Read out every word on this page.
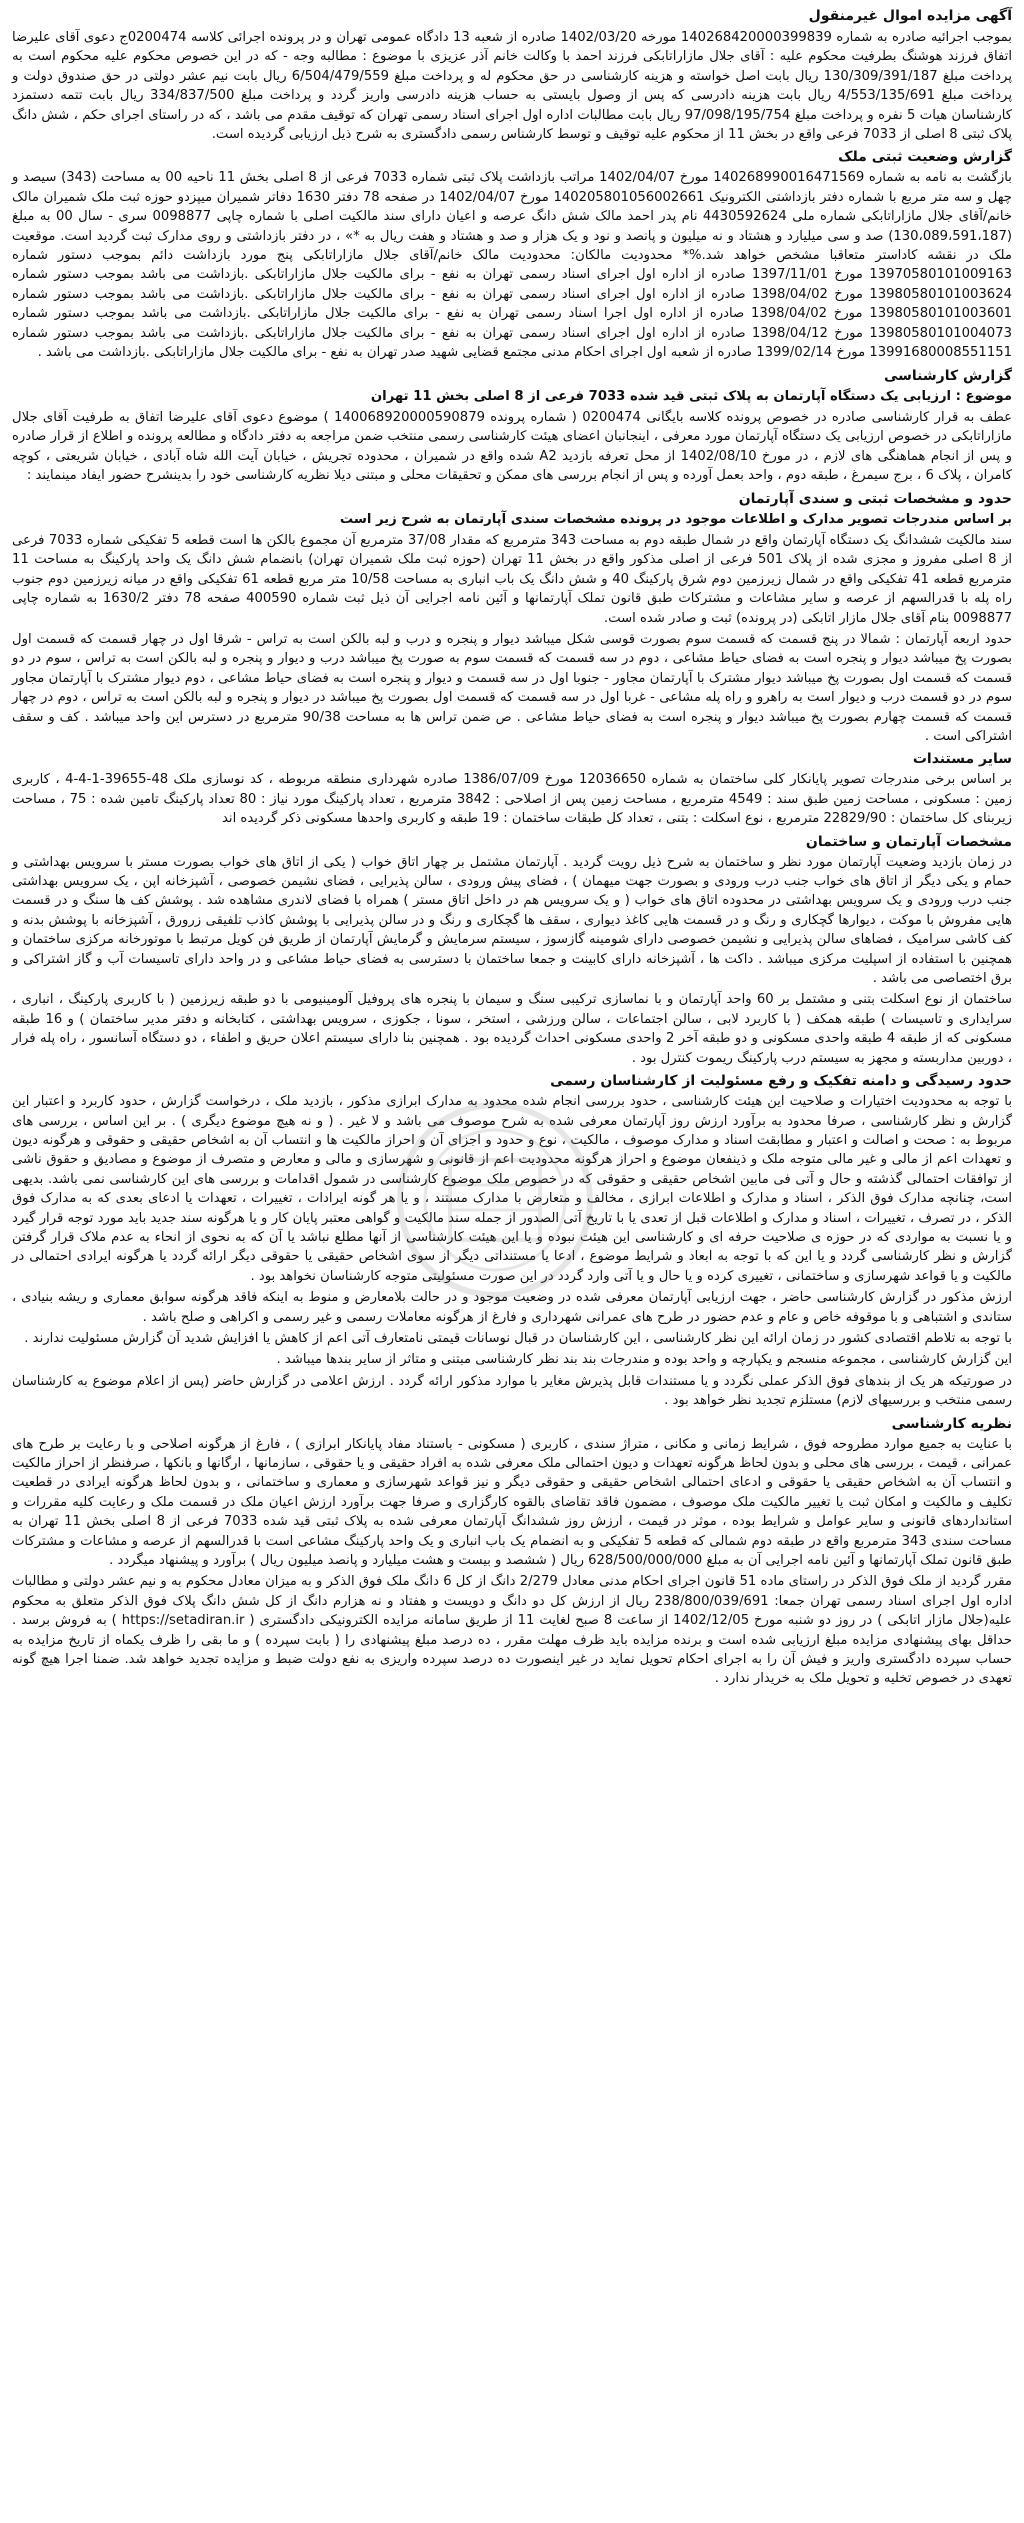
آگهی مزایده اموال غیرمنقول

بموجب اجرائیه صادره به شماره 140268420000399839 مورخه 1402/03/20 صادره از شعبه 13 دادگاه عمومی تهران و در پرونده اجرائی کلاسه 0200474ج دعوی آقای علیرضا اتفاق فرزند هوشنگ بطرفیت محکوم علیه : آقای جلال مازاراتابکی فرزند احمد با وکالت خانم آذر عزیزی با موضوع : مطالبه وجه - که در این خصوص محکوم علیه محکوم است به پرداخت مبلغ 130/309/391/187 ریال بابت اصل خواسته و هزینه کارشناسی در حق محکوم له و پرداخت مبلغ 6/504/479/559 ریال بابت نیم عشر دولتی در حق صندوق دولت و پرداخت مبلغ 4/553/135/691 ریال بابت هزینه دادرسی که پس از وصول بایستی به حساب هزینه دادرسی واریز گردد و پرداخت مبلغ 334/837/500 ریال بابت تتمه دستمزد کارشناسان هیات 5 نفره و پرداخت مبلغ 97/098/195/754 ریال بابت مطالبات اداره اول اجرای اسناد رسمی تهران که توقیف مقدم می باشد ، که در راستای اجرای حکم ، شش دانگ پلاک ثبتی 8 اصلی از 7033 فرعی واقع در بخش 11 از محکوم علیه توقیف و توسط کارشناس رسمی دادگستری به شرح ذیل ارزیابی گردیده است.

گزارش وضعیت ثبتی ملک

بازگشت به نامه به شماره 140268990016471569 مورخ 1402/04/07 مراتب بازداشت پلاک ثبتی شماره 7033 فرعی از 8 اصلی بخش 11 ناحیه 00 به مساحت (343) سیصد و چهل و سه متر مربع با شماره دفتر بازداشتی الکترونیک 140205801056002661 مورخ 1402/04/07 در صفحه 78 دفتر 1630 دفاتر شمیران میپزدو حوزه ثبت ملک شمیران مالک خانم/آقای جلال مازاراتابکی شماره ملی 4430592624 نام پدر احمد مالک شش دانگ عرصه و اعیان دارای سند مالکیت اصلی با شماره چاپی 0098877 سری - سال 00 به مبلغ (130،089،591،187) صد و سی میلیارد و هشتاد و نه میلیون و پانصد و نود و یک هزار و صد و هشتاد و هفت ریال به *» ، در دفتر بازداشتی و روی مدارک ثبت گردید است. موقعیت ملک در نقشه کاداستر متعاقبا مشخص خواهد شد.%* محدودیت مالکان: محدودیت مالک خانم/آقای جلال مازاراتابکی پنج مورد بازداشت دائم بموجب دستور شماره 13970580101009163 مورخ 1397/11/01 صادره از اداره اول اجرای اسناد رسمی تهران به نفع - برای مالکیت جلال مازاراتابکی .بازداشت می باشد بموجب دستور شماره 13980580101003624 مورخ 1398/04/02 صادره از اداره اول اجرای اسناد رسمی تهران به نفع - برای مالکیت جلال مازاراتابکی .بازداشت می باشد بموجب دستور شماره 13980580101003601 مورخ 1398/04/02 صادره از اداره اول اجرا اسناد رسمی تهران به نفع - برای مالکیت جلال مازاراتابکی .بازداشت می باشد بموجب دستور شماره 13980580101004073 مورخ 1398/04/12 صادره از اداره اول اجرای اسناد رسمی تهران به نفع - برای مالکیت جلال مازاراتابکی .بازداشت می باشد بموجب دستور شماره 13991680008551151 مورخ 1399/02/14 صادره از شعبه اول اجرای احکام مدنی مجتمع قضایی شهید صدر تهران به نفع - برای مالکیت جلال مازاراتابکی .بازداشت می باشد .

گزارش کارشناسی

موضوع : ارزیابی یک دستگاه آپارتمان به پلاک ثبتی قید شده 7033 فرعی از 8 اصلی بخش 11 تهران

عطف به قرار کارشناسی صادره در خصوص پرونده کلاسه بایگانی 0200474 ( شماره پرونده 140068920000590879 ) موضوع دعوی آقای علیرضا اتفاق به طرفیت آقای جلال مازاراتابکی در خصوص ارزیابی یک دستگاه آپارتمان مورد معرفی ، اینجانبان اعضای هیئت کارشناسی رسمی منتخب ضمن مراجعه به دفتر دادگاه و مطالعه پرونده و اطلاع از قرار صادره و پس از انجام هماهنگی های لازم ، در مورخ 1402/08/10 از محل تعرفه بازدید A2 شده واقع در شمیران ، محدوده تجریش ، خیابان آیت الله شاه آبادی ، خیابان شریعتی ، کوچه کامران ، پلاک 6 ، برج سیمرغ ، طبقه دوم ، واحد بعمل آورده و پس از انجام بررسی های ممکن و تحقیقات محلی و مبتنی دیلا نظریه کارشناسی خود را بدینشرح حضور ایفاد مینمایند :

حدود و مشخصات ثبتی و سندی آپارتمان

بر اساس مندرجات تصویر مدارک و اطلاعات موجود در پرونده مشخصات سندی آپارتمان به شرح زیر است

سند مالکیت ششدانگ یک دستگاه آپارتمان واقع در شمال طبقه دوم به مساحت 343 مترمربع که مقدار 37/08 مترمربع آن مجموع بالکن ها است قطعه 5 تفکیکی شماره 7033 فرعی از 8 اصلی مفروز و مجزی شده از پلاک 501 فرعی از اصلی مذکور واقع در بخش 11 تهران (حوزه ثبت ملک شمیران تهران) بانضمام شش دانگ یک واحد پارکینگ به مساحت 11 مترمربع قطعه 41 تفکیکی واقع در شمال زیرزمین دوم شرق پارکینگ 40 و شش دانگ یک باب انباری به مساحت 10/58 متر مربع قطعه 61 تفکیکی واقع در میانه زیرزمین دوم جنوب راه پله با قدرالسهم از عرصه و سایر مشاعات و مشترکات طبق قانون تملک آپارتمانها و آئین نامه اجرایی آن ذیل ثبت شماره 400590 صفحه 78 دفتر 1630/2 به شماره چاپی 0098877 بنام آقای جلال مازار اتابکی (در پرونده) ثبت و صادر شده است.

حدود اربعه آپارتمان : شمالا در پنج قسمت که قسمت سوم بصورت قوسی شکل میباشد دیوار و پنجره و درب و لبه بالکن است به تراس - شرقا اول در چهار قسمت که قسمت اول بصورت پخ میباشد دیوار و پنجره است به فضای حیاط مشاعی ، دوم در سه قسمت که قسمت سوم به صورت پخ میباشد درب و دیوار و پنجره و لبه بالکن است به تراس ، سوم در دو قسمت که قسمت اول بصورت پخ میباشد دیوار مشترک با آپارتمان مجاور - جنوبا اول در سه قسمت و دیوار و پنجره است به فضای حیاط مشاعی ، دوم دیوار مشترک با آپارتمان مجاور سوم در دو قسمت درب و دیوار است به راهرو و راه پله مشاعی - غربا اول در سه قسمت که قسمت اول بصورت پخ میباشد در دیوار و پنجره و لبه بالکن است به تراس ، دوم در چهار قسمت که قسمت چهارم بصورت پخ میباشد دیوار و پنجره است به فضای حیاط مشاعی . ص ضمن تراس ها به مساحت 90/38 مترمربع در دسترس این واحد میباشد . کف و سقف اشتراکی است .

سایر مستندات

بر اساس برخی مندرجات تصویر پایانکار کلی ساختمان به شماره 12036650 مورخ 1386/07/09 صادره شهرداری منطقه مربوطه ، کد نوسازی ملک 48-39655-1-4-4 ، کاربری زمین : مسکونی ، مساحت زمین طبق سند : 4549 مترمربع ، مساحت زمین پس از اصلاحی : 3842 مترمربع ، تعداد پارکینگ مورد نیاز : 80 تعداد پارکینگ تامین شده : 75 ، مساحت زیربنای کل ساختمان : 22829/90 مترمربع ، نوع اسکلت : بتنی ، تعداد کل طبقات ساختمان : 19 طبقه و کاربری واحدها مسکونی ذکر گردیده اند

مشخصات آپارتمان و ساختمان

در زمان بازدید وضعیت آپارتمان مورد نظر و ساختمان به شرح ذیل رویت گردید . آپارتمان مشتمل بر چهار اتاق خواب ( یکی از اتاق های خواب بصورت مستر با سرویس بهداشتی و حمام و یکی دیگر از اتاق های خواب جنب درب ورودی و بصورت جهت میهمان ) ، فضای پیش ورودی ، سالن پذیرایی ، فضای نشیمن خصوصی ، آشپزخانه اپن ، یک سرویس بهداشتی جنب درب ورودی و یک سرویس بهداشتی در محدوده اتاق های خواب ( و یک سرویس هم در داخل اتاق مستر ) همراه با فضای لاندری مشاهده شد . پوشش کف ها سنگ و در قسمت هایی مفروش با موکت ، دیوارها گچکاری و رنگ و در قسمت هایی کاغذ دیواری ، سقف ها گچکاری و رنگ و در سالن پذیرایی با پوشش کاذب تلفیقی زرورق ، آشپزخانه با پوشش بدنه و کف کاشی سرامیک ، فضاهای سالن پذیرایی و نشیمن خصوصی دارای شومینه گازسوز ، سیستم سرمایش و گرمایش آپارتمان از طریق فن کویل مرتبط با موتورخانه مرکزی ساختمان و همچنین با استفاده از اسپلیت مرکزی میباشد . داکت ها ، آشپزخانه دارای کابینت و جمعا ساختمان با دسترسی به فضای حیاط مشاعی و در واحد دارای تاسیسات آب و گاز اشتراکی و برق اختصاصی می باشد .

ساختمان از نوع اسکلت بتنی و مشتمل بر 60 واحد آپارتمان و با نماسازی ترکیبی سنگ و سیمان با پنجره های پروفیل آلومینیومی با دو طبقه زیرزمین ( با کاربری پارکینگ ، انباری ، سرایداری و تاسیسات ) طبقه همکف ( با کاربرد لابی ، سالن اجتماعات ، سالن ورزشی ، استخر ، سونا ، جکوزی ، سرویس بهداشتی ، کتابخانه و دفتر مدیر ساختمان ) و 16 طبقه مسکونی که از طبقه 4 طبقه واحدی مسکونی و دو طبقه آخر 2 واحدی مسکونی احداث گردیده بود . همچنین بنا دارای سیستم اعلان حریق و اطفاء ، دو دستگاه آسانسور ، راه پله فرار ، دوربین مداربسته و مجهز به سیستم درب پارکینگ ریموت کنترل بود .

حدود رسیدگی و دامنه تفکیک و رفع مسئولیت از کارشناسان رسمی

با توجه به محدودیت اختیارات و صلاحیت این هیئت کارشناسی ، حدود بررسی انجام شده محدود به مدارک ابرازی مذکور ، بازدید ملک ، درخواست گزارش ، حدود کاربرد و اعتبار این گزارش و نظر کارشناسی ، صرفا محدود به برآورد ارزش روز آپارتمان معرفی شده به شرح موصوف می باشد و لا غیر . ( و نه هیچ موضوع دیگری ) . بر این اساس ، بررسی های مربوط به : صحت و اصالت و اعتبار و مطابقت اسناد و مدارک موصوف ، مالکیت ، نوع و حدود و اجزای آن و احراز مالکیت ها و انتساب آن به اشخاص حقیقی و حقوقی و هرگونه دیون و تعهدات اعم از مالی و غیر مالی متوجه ملک و ذینفعان موضوع و احراز هرگونه محدودیت اعم از قانونی و شهرسازی و مالی و معارض و متصرف از موضوع و مصادیق و حقوق ناشی از توافقات احتمالی گذشته و حال و آتی فی مابین اشخاص حقیقی و حقوقی که در خصوص ملک موضوع کارشناسی در شمول اقدامات و بررسی های این کارشناسی نمی باشد. بدیهی است، چنانچه مدارک فوق الذکر ، اسناد و مدارک و اطلاعات ابرازی ، مخالف و متعارض با مدارک مستند ، و یا هر گونه ایرادات ، تغییرات ، تعهدات یا ادعای بعدی که به مدارک فوق الذکر ، در تصرف ، تغییرات ، اسناد و مدارک و اطلاعات قبل از تعدی یا با تاریخ آتی الصدور از جمله سند مالکیت و گواهی معتبر پایان کار و یا هرگونه سند جدید باید مورد توجه قرار گیرد و یا نسبت به مواردی که در حوزه ی صلاحیت حرفه ای و کارشناسی این هیئت نبوده و یا این هیئت کارشناسی از آنها مطلع نباشد یا آن که به نحوی از انحاء به عدم ملاک قرار گرفتن گزارش و نظر کارشناسی گردد و یا این که با توجه به ابعاد و شرایط موضوع ، ادعا یا مستنداتی دیگر از سوی اشخاص حقیقی یا حقوقی دیگر ارائه گردد یا هرگونه ایرادی احتمالی در مالکیت و یا قواعد شهرسازی و ساختمانی ، تغییری کرده و یا حال و یا آتی وارد گردد در این صورت مسئولیتی متوجه کارشناسان نخواهد بود .

ارزش مذکور در گزارش کارشناسی حاضر ، جهت ارزیابی آپارتمان معرفی شده در وضعیت موجود و در حالت بلامعارض و منوط به اینکه فاقد هرگونه سوابق معماری و ریشه بنیادی ، ستاندی و اشتباهی و با موقوفه خاص و عام و عدم حضور در طرح های عمرانی شهرداری و فارغ از هرگونه معاملات رسمی و غیر رسمی و اکراهی و صلح باشد .

با توجه به تلاطم اقتصادی کشور در زمان ارائه این نظر کارشناسی ، این کارشناسان در قبال نوسانات قیمتی نامتعارف آتی اعم از کاهش یا افزایش شدید آن گزارش مسئولیت ندارند .

این گزارش کارشناسی ، مجموعه منسجم و یکپارچه و واحد بوده و مندرجات بند بند نظر کارشناسی مبتنی و متاثر از سایر بندها میباشد .

در صورتیکه هر یک از بندهای فوق الذکر عملی نگردد و یا مستندات قابل پذیرش مغایر با موارد مذکور ارائه گردد . ارزش اعلامی در گزارش حاضر (پس از اعلام موضوع به کارشناسان رسمی منتخب و بررسیهای لازم) مستلزم تجدید نظر خواهد بود .

نظریه کارشناسی

با عنایت به جمیع موارد مطروحه فوق ، شرایط زمانی و مکانی ، متراژ سندی ، کاربری ( مسکونی - باستناد مفاد پایانکار ابرازی ) ، فارغ از هرگونه اصلاحی و با رعایت بر طرح های عمرانی ، قیمت ، بررسی های محلی و بدون لحاظ هرگونه تعهدات و دیون احتمالی ملک معرفی شده به افراد حقیقی و یا حقوقی ، سازمانها ، ارگانها و بانکها ، صرفنظر از احراز مالکیت و انتساب آن به اشخاص حقیقی یا حقوقی و ادعای احتمالی اشخاص حقیقی و حقوقی دیگر و نیز قواعد شهرسازی و معماری و ساختمانی ، و بدون لحاظ هرگونه ایرادی در قطعیت تکلیف و مالکیت و امکان ثبت یا تغییر مالکیت ملک موصوف ، مضمون فاقد تقاضای بالقوه کارگزاری و صرفا جهت برآورد ارزش اعیان ملک در قسمت ملک و رعایت کلیه مقررات و استانداردهای قانونی و سایر عوامل و شرایط بوده ، موثر در قیمت ، ارزش روز ششدانگ آپارتمان معرفی شده به پلاک ثبتی قید شده 7033 فرعی از 8 اصلی بخش 11 تهران به مساحت سندی 343 مترمربع واقع در طبقه دوم شمالی که قطعه 5 تفکیکی و به انضمام یک باب انباری و یک واحد پارکینگ مشاعی است با قدرالسهم از عرصه و مشاعات و مشترکات طبق قانون تملک آپارتمانها و آئین نامه اجرایی آن به مبلغ 628/500/000/000 ریال ( ششصد و بیست و هشت میلیارد و پانصد میلیون ریال ) برآورد و پیشنهاد میگردد .

مقرر گردید از ملک فوق الذکر در راستای ماده 51 قانون اجرای احکام مدنی معادل 2/279 دانگ از کل 6 دانگ ملک فوق الذکر و به میزان معادل محکوم به و نیم عشر دولتی و مطالبات اداره اول اجرای اسناد رسمی تهران جمعا: 238/800/039/691 ریال از ارزش کل دو دانگ و دویست و هفتاد و نه هزارم دانگ از کل شش دانگ پلاک فوق الذکر متعلق به محکوم علیه(جلال مازار اتابکی ) در روز دو شنبه مورخ 1402/12/05 از ساعت 8 صبح لغایت 11 از طریق سامانه مزایده الکترونیکی دادگستری ( https://setadiran.ir ) به فروش برسد . حداقل بهای پیشنهادی مزایده مبلغ ارزیابی شده است و برنده مزایده باید ظرف مهلت مقرر ، ده درصد مبلغ پیشنهادی را ( بابت سپرده ) و ما بقی را ظرف یکماه از تاریخ مزایده به حساب سپرده دادگستری واریز و فیش آن را به اجرای احکام تحویل نماید در غیر اینصورت ده درصد سپرده واریزی به نفع دولت ضبط و مزایده تجدید خواهد شد. ضمنا اجرا هیچ گونه تعهدی در خصوص تخلیه و تحویل ملک به خریدار ندارد .
